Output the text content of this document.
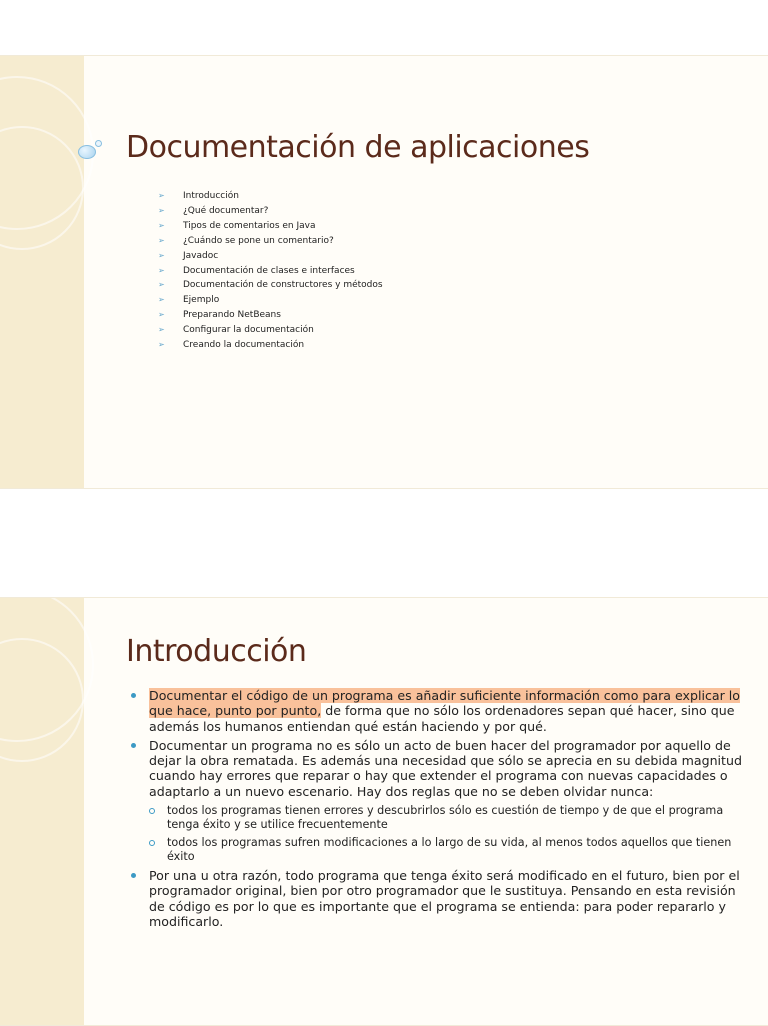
Documentación de aplicaciones
➢ Introducción
➢ ¿Qué documentar?
➢ Tipos de comentarios en Java
➢ ¿Cuándo se pone un comentario?
➢ Javadoc
➢ Documentación de clases e interfaces
➢ Documentación de constructores y métodos
➢ Ejemplo
➢ Preparando NetBeans
➢ Configurar la documentación
➢ Creando la documentación
Introducción
Documentar el código de un programa es añadir suficiente información como para explicar lo que hace, punto por punto, de forma que no sólo los ordenadores sepan qué hacer, sino que además los humanos entiendan qué están haciendo y por qué.
Documentar un programa no es sólo un acto de buen hacer del programador por aquello de dejar la obra rematada. Es además una necesidad que sólo se aprecia en su debida magnitud cuando hay errores que reparar o hay que extender el programa con nuevas capacidades o adaptarlo a un nuevo escenario. Hay dos reglas que no se deben olvidar nunca:
todos los programas tienen errores y descubrirlos sólo es cuestión de tiempo y de que el programa tenga éxito y se utilice frecuentemente
todos los programas sufren modificaciones a lo largo de su vida, al menos todos aquellos que tienen éxito
Por una u otra razón, todo programa que tenga éxito será modificado en el futuro, bien por el programador original, bien por otro programador que le sustituya. Pensando en esta revisión de código es por lo que es importante que el programa se entienda: para poder repararlo y modificarlo.
